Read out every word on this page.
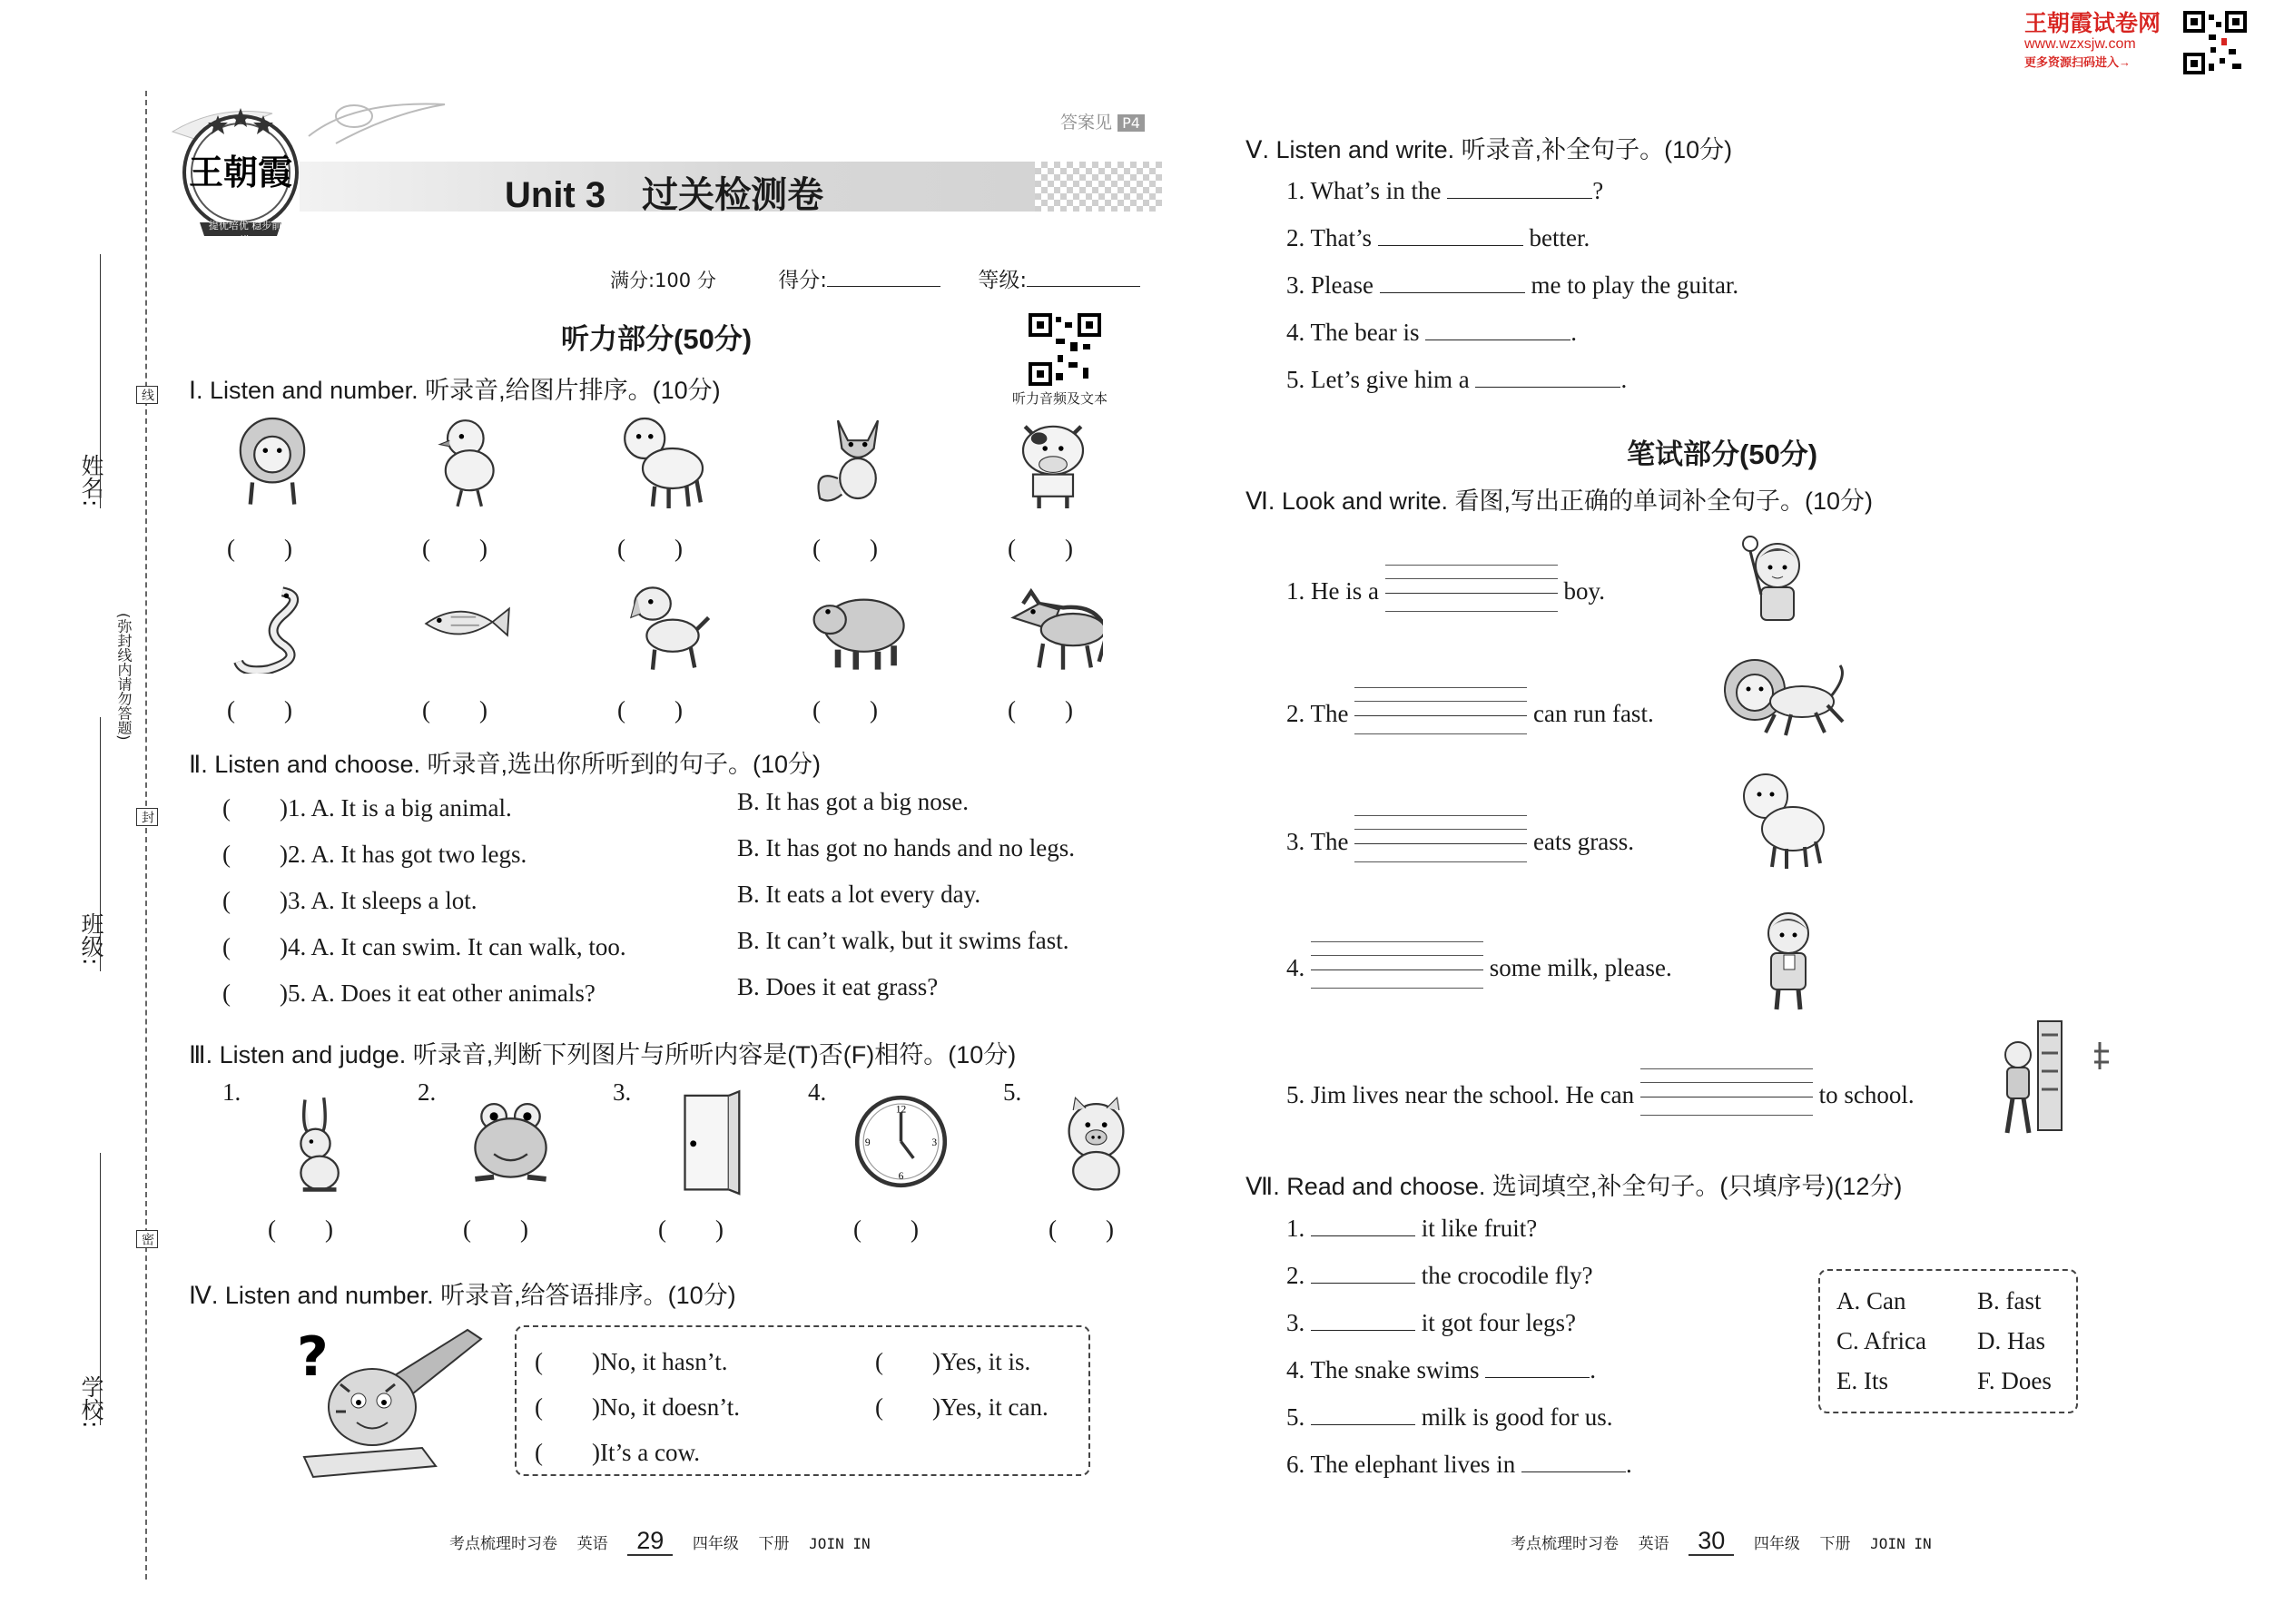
王朝霞试卷网
www.wzxsjw.com
更多资源扫码进入→
姓名:
班级:
学校:
(弥封线内请勿答题)
线
封
密
王朝霞
提优培优 稳步前进
答案见 P4
Unit 3　过关检测卷
满分:100 分	得分:	等级:
听力部分(50分)
听力音频及文本
Ⅰ. Listen and number. 听录音,给图片排序。(10分)
(　　)	(　　)	(　　)	(　　)	(　　)
(　　)	(　　)	(　　)	(　　)	(　　)
Ⅱ. Listen and choose. 听录音,选出你所听到的句子。(10分)
(　　)1. A. It is a big animal.	B. It has got a big nose.
(　　)2. A. It has got two legs.	B. It has got no hands and no legs.
(　　)3. A. It sleeps a lot.	B. It eats a lot every day.
(　　)4. A. It can swim. It can walk, too.	B. It can’t walk, but it swims fast.
(　　)5. A. Does it eat other animals?	B. Does it eat grass?
Ⅲ. Listen and judge. 听录音,判断下列图片与所听内容是(T)否(F)相符。(10分)
1.
(　　)
2.
(　　)
3.
(　　)
4.
12
3
6
9
(　　)
5.
(　　)
Ⅳ. Listen and number. 听录音,给答语排序。(10分)
?	(　　)No, it hasn’t.	(　　)Yes, it is.
(　　)No, it doesn’t.	(　　)Yes, it can.
(　　)It’s a cow.
考点梳理时习卷 英语 29 四年级 下册 JOIN IN
Ⅴ. Listen and write. 听录音,补全句子。(10分)
1. What’s in the	?
2. That’s	better.
3. Please	me to play the guitar.
4. The bear is	.
5. Let’s give him a	.
笔试部分(50分)
Ⅵ. Look and write. 看图,写出正确的单词补全句子。(10分)
1. He is a	boy.
2. The	can run fast.
3. The	eats grass.
4.	some milk, please.
5. Jim lives near the school. He can	to school.
Ⅶ. Read and choose. 选词填空,补全句子。(只填序号)(12分)
1.	it like fruit?
2.	the crocodile fly?
3.	it got four legs?
4. The snake swims	.
5.	milk is good for us.
6. The elephant lives in	.
A. Can	B. fast
C. Africa D. Has
E. Its	F. Does
考点梳理时习卷 英语 30 四年级 下册 JOIN IN
